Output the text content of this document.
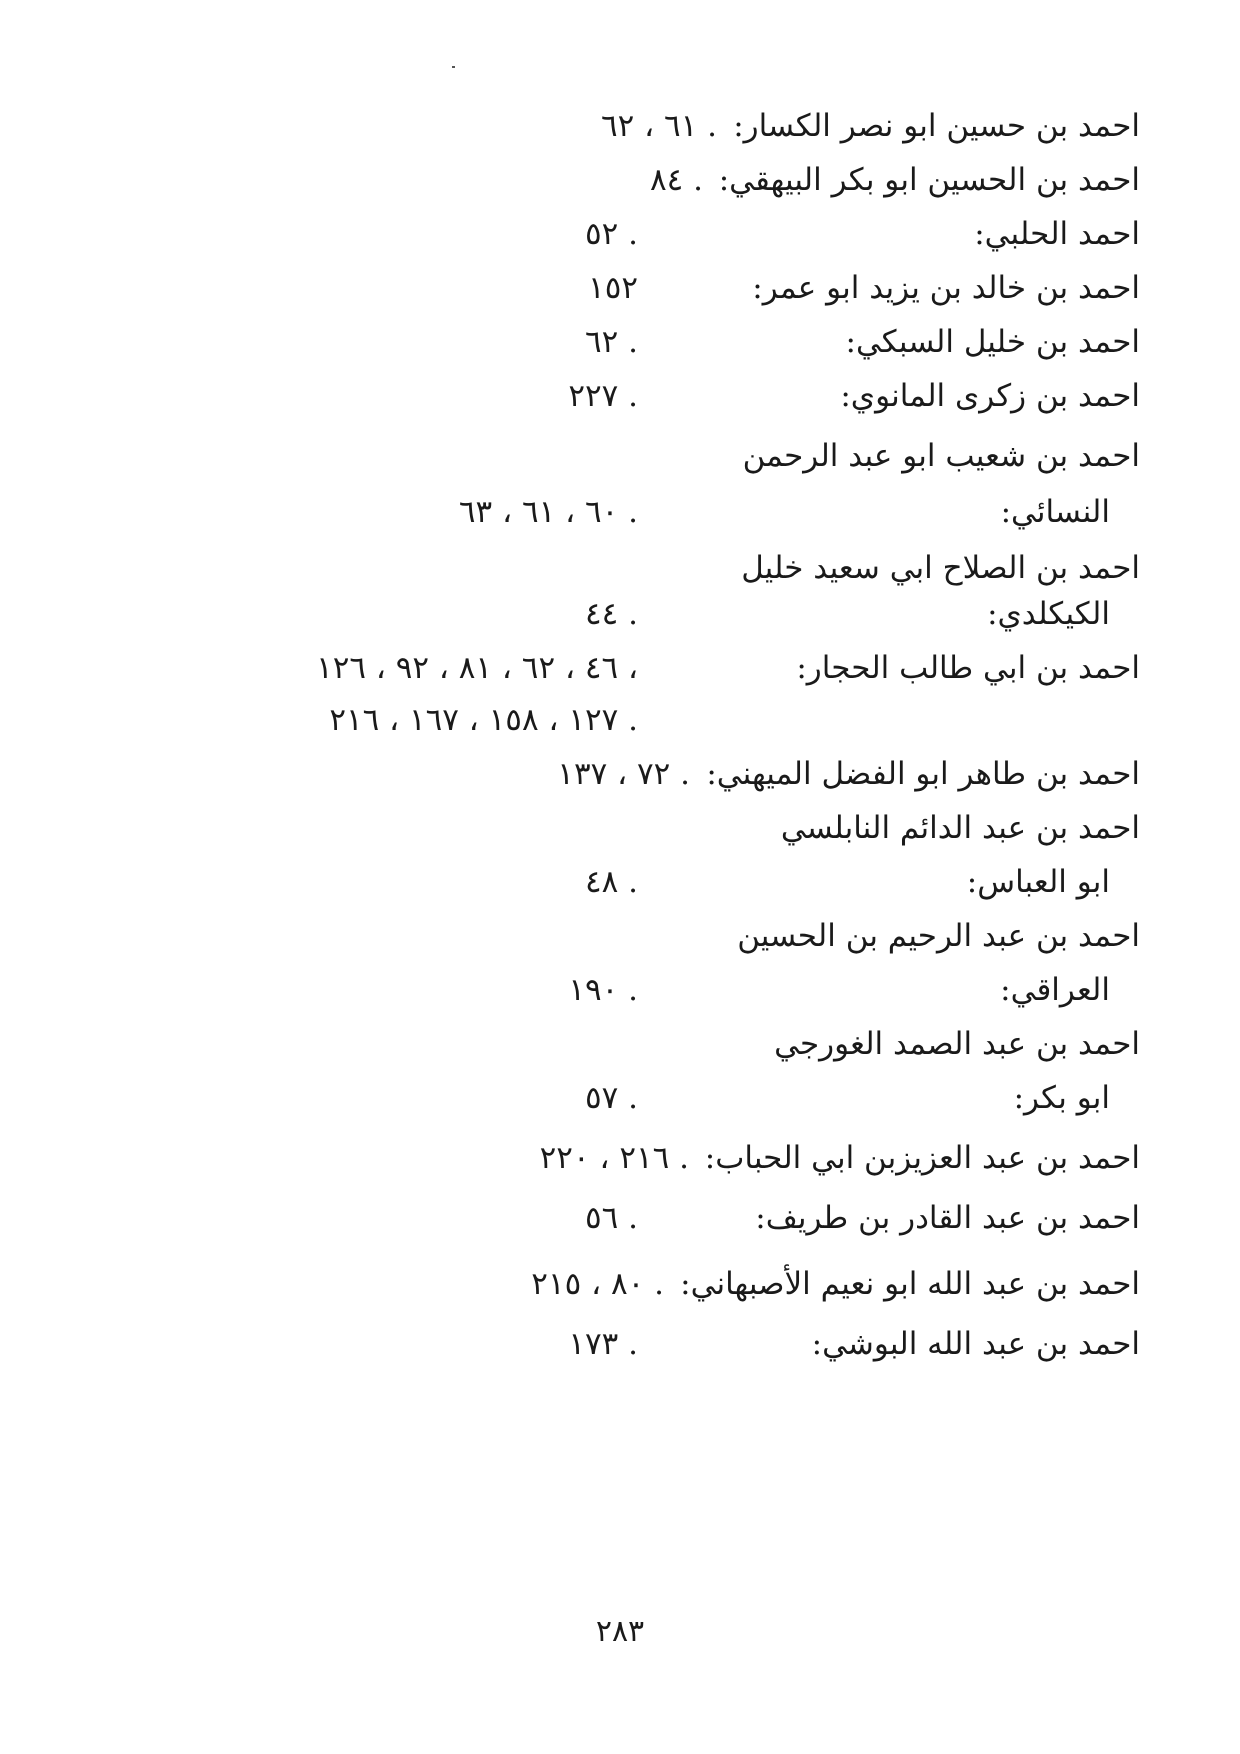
احمد بن حسين ابو نصر الكسار:
٦١ ، ٦٢ .
احمد بن الحسين ابو بكر البيهقي:
٨٤ .
احمد الحلبي:
٥٢ .
احمد بن خالد بن يزيد ابو عمر:
١٥٢
احمد بن خليل السبكي:
٦٢ .
احمد بن زكرى المانوي:
٢٢٧ .
احمد بن شعيب ابو عبد الرحمن
النسائي:
٦٠ ، ٦١ ، ٦٣ .
احمد بن الصلاح ابي سعيد خليل
الكيكلدي:
٤٤ .
احمد بن ابي طالب الحجار:
٤٦ ، ٦٢ ، ٨١ ، ٩٢ ، ١٢٦ ،
١٢٧ ، ١٥٨ ، ١٦٧ ، ٢١٦ .
احمد بن طاهر ابو الفضل الميهني:
٧٢ ، ١٣٧ .
احمد بن عبد الدائم النابلسي
ابو العباس:
٤٨ .
احمد بن عبد الرحيم بن الحسين
العراقي:
١٩٠ .
احمد بن عبد الصمد الغورجي
ابو بكر:
٥٧ .
احمد بن عبد العزيزبن ابي الحباب:
٢١٦ ، ٢٢٠ .
احمد بن عبد القادر بن طريف:
٥٦ .
احمد بن عبد الله ابو نعيم الأصبهاني:
٨٠ ، ٢١٥ .
احمد بن عبد الله البوشي:
١٧٣ .
٢٨٣
